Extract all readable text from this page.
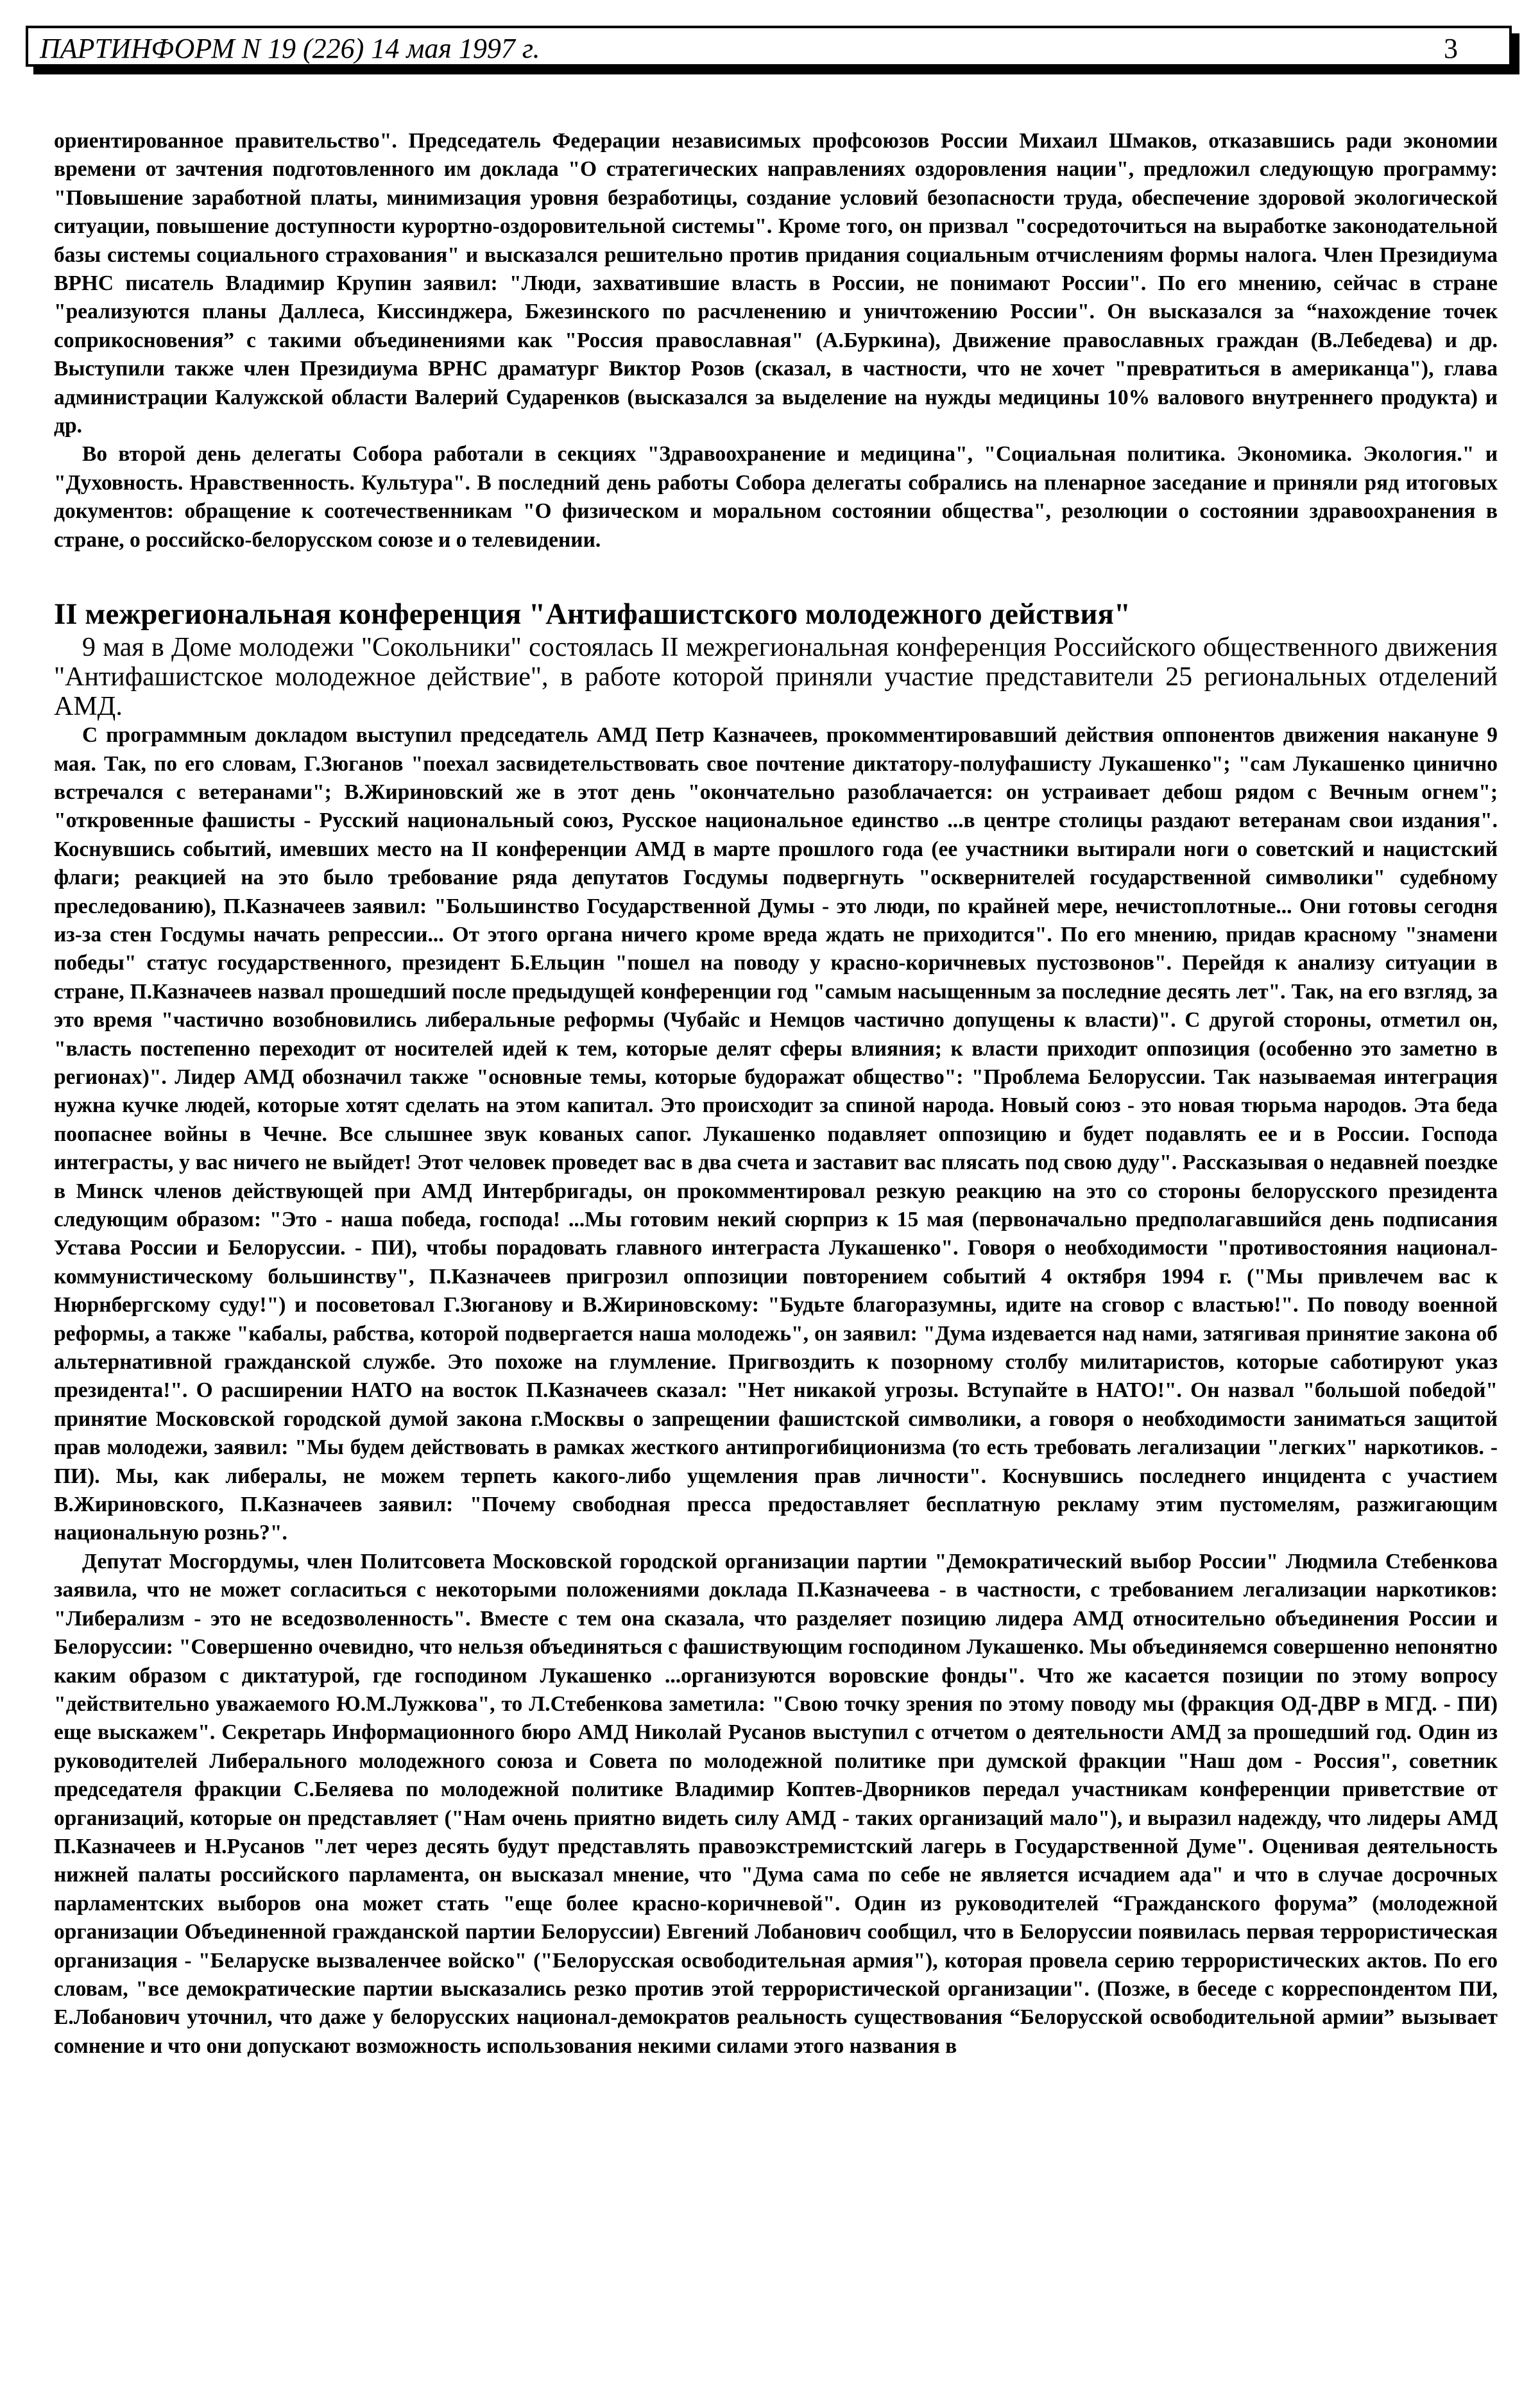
ПАРТИНФОРМ N 19 (226) 14 мая 1997 г.	3

ориентированное правительство". Председатель Федерации независимых профсоюзов России Михаил Шмаков, отказавшись ради экономии времени от зачтения подготовленного им доклада "О стратегических направлениях оздоровления нации", предложил следующую программу: "Повышение заработной платы, минимизация уровня безработицы, создание условий безопасности труда, обеспечение здоровой экологической ситуации, повышение доступности курортно-оздоровительной системы". Кроме того, он призвал "сосредоточиться на выработке законодательной базы системы социального страхования" и высказался решительно против придания социальным отчислениям формы налога. Член Президиума ВРНС писатель Владимир Крупин заявил: "Люди, захватившие власть в России, не понимают России". По его мнению, сейчас в стране "реализуются планы Даллеса, Киссинджера, Бжезинского по расчленению и уничтожению России". Он высказался за “нахождение точек соприкосновения” с такими объединениями как "Россия православная" (А.Буркина), Движение православных граждан (В.Лебедева) и др. Выступили также член Президиума ВРНС драматург Виктор Розов (сказал, в частности, что не хочет "превратиться в американца"), глава администрации Калужской области Валерий Сударенков (высказался за выделение на нужды медицины 10% валового внутреннего продукта) и др.

Во второй день делегаты Собора работали в секциях "Здравоохранение и медицина", "Социальная политика. Экономика. Экология." и "Духовность. Нравственность. Культура". В последний день работы Собора делегаты собрались на пленарное заседание и приняли ряд итоговых документов: обращение к соотечественникам "О физическом и моральном состоянии общества", резолюции о состоянии здравоохранения в стране, о российско-белорусском союзе и о телевидении.

II межрегиональная конференция "Антифашистского молодежного действия"

9 мая в Доме молодежи "Сокольники" состоялась II межрегиональная конференция Российского общественного движения "Антифашистское молодежное действие", в работе которой приняли участие представители 25 региональных отделений АМД.

С программным докладом выступил председатель АМД Петр Казначеев, прокомментировавший действия оппонентов движения накануне 9 мая. Так, по его словам, Г.Зюганов "поехал засвидетельствовать свое почтение диктатору-полуфашисту Лукашенко"; "сам Лукашенко цинично встречался с ветеранами"; В.Жириновский же в этот день "окончательно разоблачается: он устраивает дебош рядом с Вечным огнем"; "откровенные фашисты - Русский национальный союз, Русское национальное единство ...в центре столицы раздают ветеранам свои издания". Коснувшись событий, имевших место на II конференции АМД в марте прошлого года (ее участники вытирали ноги о советский и нацистский флаги; реакцией на это было требование ряда депутатов Госдумы подвергнуть "осквернителей государственной символики" судебному преследованию), П.Казначеев заявил: "Большинство Государственной Думы - это люди, по крайней мере, нечистоплотные... Они готовы сегодня из-за стен Госдумы начать репрессии... От этого органа ничего кроме вреда ждать не приходится". По его мнению, придав красному "знамени победы" статус государственного, президент Б.Ельцин "пошел на поводу у красно-коричневых пустозвонов". Перейдя к анализу ситуации в стране, П.Казначеев назвал прошедший после предыдущей конференции год "самым насыщенным за последние десять лет". Так, на его взгляд, за это время "частично возобновились либеральные реформы (Чубайс и Немцов частично допущены к власти)". С другой стороны, отметил он, "власть постепенно переходит от носителей идей к тем, которые делят сферы влияния; к власти приходит оппозиция (особенно это заметно в регионах)". Лидер АМД обозначил также "основные темы, которые будоражат общество": "Проблема Белоруссии. Так называемая интеграция нужна кучке людей, которые хотят сделать на этом капитал. Это происходит за спиной народа. Новый союз - это новая тюрьма народов. Эта беда поопаснее войны в Чечне. Все слышнее звук кованых сапог. Лукашенко подавляет оппозицию и будет подавлять ее и в России. Господа интеграсты, у вас ничего не выйдет! Этот человек проведет вас в два счета и заставит вас плясать под свою дуду". Рассказывая о недавней поездке в Минск членов действующей при АМД Интербригады, он прокомментировал резкую реакцию на это со стороны белорусского президента следующим образом: "Это - наша победа, господа! ...Мы готовим некий сюрприз к 15 мая (первоначально предполагавшийся день подписания Устава России и Белоруссии. - ПИ), чтобы порадовать главного интеграста Лукашенко". Говоря о необходимости "противостояния национал-коммунистическому большинству", П.Казначеев пригрозил оппозиции повторением событий 4 октября 1994 г. ("Мы привлечем вас к Нюрнбергскому суду!") и посоветовал Г.Зюганову и В.Жириновскому: "Будьте благоразумны, идите на сговор с властью!". По поводу военной реформы, а также "кабалы, рабства, которой подвергается наша молодежь", он заявил: "Дума издевается над нами, затягивая принятие закона об альтернативной гражданской службе. Это похоже на глумление. Пригвоздить к позорному столбу милитаристов, которые саботируют указ президента!". О расширении НАТО на восток П.Казначеев сказал: "Нет никакой угрозы. Вступайте в НАТО!". Он назвал "большой победой" принятие Московской городской думой закона г.Москвы о запрещении фашистской символики, а говоря о необходимости заниматься защитой прав молодежи, заявил: "Мы будем действовать в рамках жесткого антипрогибиционизма (то есть требовать легализации "легких" наркотиков. - ПИ). Мы, как либералы, не можем терпеть какого-либо ущемления прав личности". Коснувшись последнего инцидента с участием В.Жириновского, П.Казначеев заявил: "Почему свободная пресса предоставляет бесплатную рекламу этим пустомелям, разжигающим национальную рознь?".

Депутат Мосгордумы, член Политсовета Московской городской организации партии "Демократический выбор России" Людмила Стебенкова заявила, что не может согласиться с некоторыми положениями доклада П.Казначеева - в частности, с требованием легализации наркотиков: "Либерализм - это не вседозволенность". Вместе с тем она сказала, что разделяет позицию лидера АМД относительно объединения России и Белоруссии: "Совершенно очевидно, что нельзя объединяться с фашиствующим господином Лукашенко. Мы объединяемся совершенно непонятно каким образом с диктатурой, где господином Лукашенко ...организуются воровские фонды". Что же касается позиции по этому вопросу "действительно уважаемого Ю.М.Лужкова", то Л.Стебенкова заметила: "Свою точку зрения по этому поводу мы (фракция ОД-ДВР в МГД. - ПИ) еще выскажем". Секретарь Информационного бюро АМД Николай Русанов выступил с отчетом о деятельности АМД за прошедший год. Один из руководителей Либерального молодежного союза и Совета по молодежной политике при думской фракции "Наш дом - Россия", советник председателя фракции С.Беляева по молодежной политике Владимир Коптев-Дворников передал участникам конференции приветствие от организаций, которые он представляет ("Нам очень приятно видеть силу АМД - таких организаций мало"), и выразил надежду, что лидеры АМД П.Казначеев и Н.Русанов "лет через десять будут представлять правоэкстремистский лагерь в Государственной Думе". Оценивая деятельность нижней палаты российского парламента, он высказал мнение, что "Дума сама по себе не является исчадием ада" и что в случае досрочных парламентских выборов она может стать "еще более красно-коричневой". Один из руководителей “Гражданского форума” (молодежной организации Объединенной гражданской партии Белоруссии) Евгений Лобанович сообщил, что в Белоруссии появилась первая террористическая организация - "Беларуске вызваленчее войско" ("Белорусская освободительная армия"), которая провела серию террористических актов. По его словам, "все демократические партии высказались резко против этой террористической организации". (Позже, в беседе с корреспондентом ПИ, Е.Лобанович уточнил, что даже у белорусских национал-демократов реальность существования “Белорусской освободительной армии” вызывает сомнение и что они допускают возможность использования некими силами этого названия в
